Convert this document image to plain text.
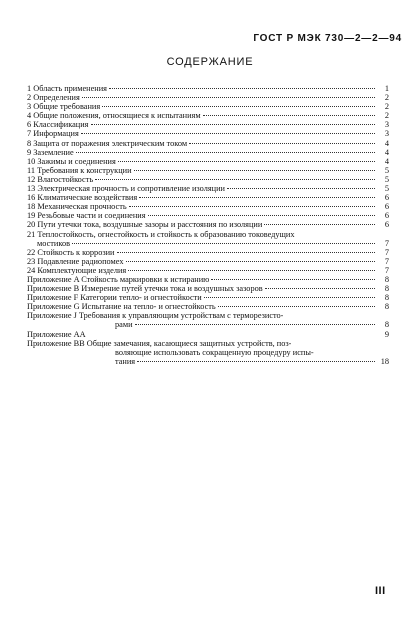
ГОСТ Р МЭК 730—2—2—94
СОДЕРЖАНИЕ
1 Область применения	1
2 Определения	2
3 Общие требования	2
4 Общие положения, относящиеся к испытаниям	2
6 Классификация	3
7 Информация	3
8 Защита от поражения электрическим током	4
9 Заземление	4
10 Зажимы и соединения	4
11 Требования к конструкции	5
12 Влагостойкость	5
13 Электрическая прочность и сопротивление изоляции	5
16 Климатические воздействия	6
18 Механическая прочность	6
19 Резьбовые части и соединения	6
20 Пути утечки тока, воздушные зазоры и расстояния по изоляции	6
21 Теплостойкость, огнестойкость и стойкость к образованию токоведущих
мостиков	7
22 Стойкость к коррозии	7
23 Подавление радиопомех	7
24 Комплектующие изделия	7
Приложение A Стойкость маркировки к истиранию	8
Приложение B Измерение путей утечки тока и воздушных зазоров	8
Приложение F Категории тепло- и огнестойкости	8
Приложение G Испытание на тепло- и огнестойкость	8
Приложение J Требования к управляющим устройствам с терморезисто-
рами	8
Приложение AA	9
Приложение BB Общие замечания, касающиеся защитных устройств, поз-
воляющие использовать сокращенную процедуру испы-
тания	18
III
